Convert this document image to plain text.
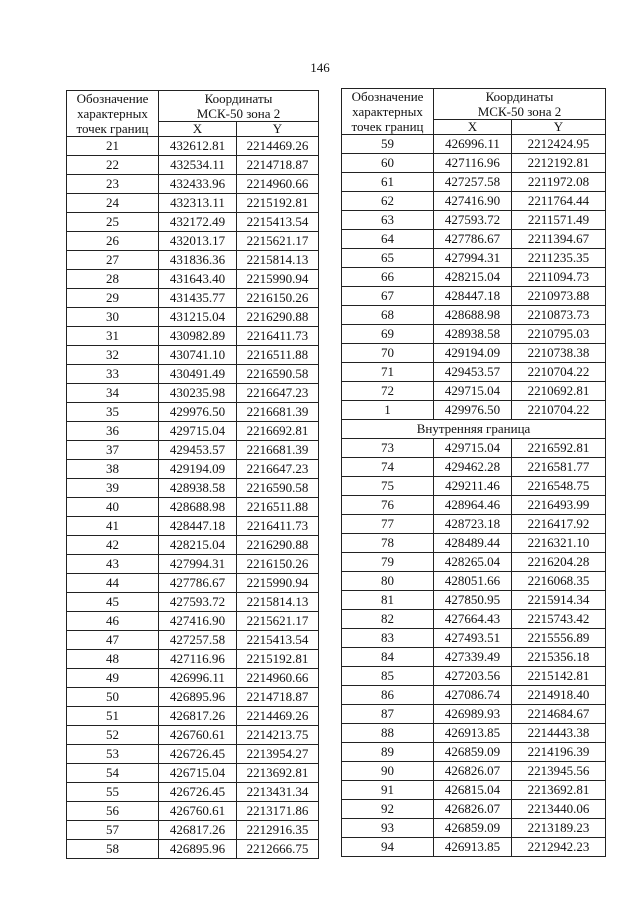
146
Обозначение
характерных
точек границ	Координаты
МСК-50 зона 2	
	X	Y
21	432612.81	2214469.26
22	432534.11	2214718.87
23	432433.96	2214960.66
24	432313.11	2215192.81
25	432172.49	2215413.54
26	432013.17	2215621.17
27	431836.36	2215814.13
28	431643.40	2215990.94
29	431435.77	2216150.26
30	431215.04	2216290.88
31	430982.89	2216411.73
32	430741.10	2216511.88
33	430491.49	2216590.58
34	430235.98	2216647.23
35	429976.50	2216681.39
36	429715.04	2216692.81
37	429453.57	2216681.39
38	429194.09	2216647.23
39	428938.58	2216590.58
40	428688.98	2216511.88
41	428447.18	2216411.73
42	428215.04	2216290.88
43	427994.31	2216150.26
44	427786.67	2215990.94
45	427593.72	2215814.13
46	427416.90	2215621.17
47	427257.58	2215413.54
48	427116.96	2215192.81
49	426996.11	2214960.66
50	426895.96	2214718.87
51	426817.26	2214469.26
52	426760.61	2214213.75
53	426726.45	2213954.27
54	426715.04	2213692.81
55	426726.45	2213431.34
56	426760.61	2213171.86
57	426817.26	2212916.35
58	426895.96	2212666.75
Обозначение
характерных
точек границ	Координаты
МСК-50 зона 2	
	X	Y
59	426996.11	2212424.95
60	427116.96	2212192.81
61	427257.58	2211972.08
62	427416.90	2211764.44
63	427593.72	2211571.49
64	427786.67	2211394.67
65	427994.31	2211235.35
66	428215.04	2211094.73
67	428447.18	2210973.88
68	428688.98	2210873.73
69	428938.58	2210795.03
70	429194.09	2210738.38
71	429453.57	2210704.22
72	429715.04	2210692.81
1	429976.50	2210704.22
Внутренняя граница		
73	429715.04	2216592.81
74	429462.28	2216581.77
75	429211.46	2216548.75
76	428964.46	2216493.99
77	428723.18	2216417.92
78	428489.44	2216321.10
79	428265.04	2216204.28
80	428051.66	2216068.35
81	427850.95	2215914.34
82	427664.43	2215743.42
83	427493.51	2215556.89
84	427339.49	2215356.18
85	427203.56	2215142.81
86	427086.74	2214918.40
87	426989.93	2214684.67
88	426913.85	2214443.38
89	426859.09	2214196.39
90	426826.07	2213945.56
91	426815.04	2213692.81
92	426826.07	2213440.06
93	426859.09	2213189.23
94	426913.85	2212942.23
